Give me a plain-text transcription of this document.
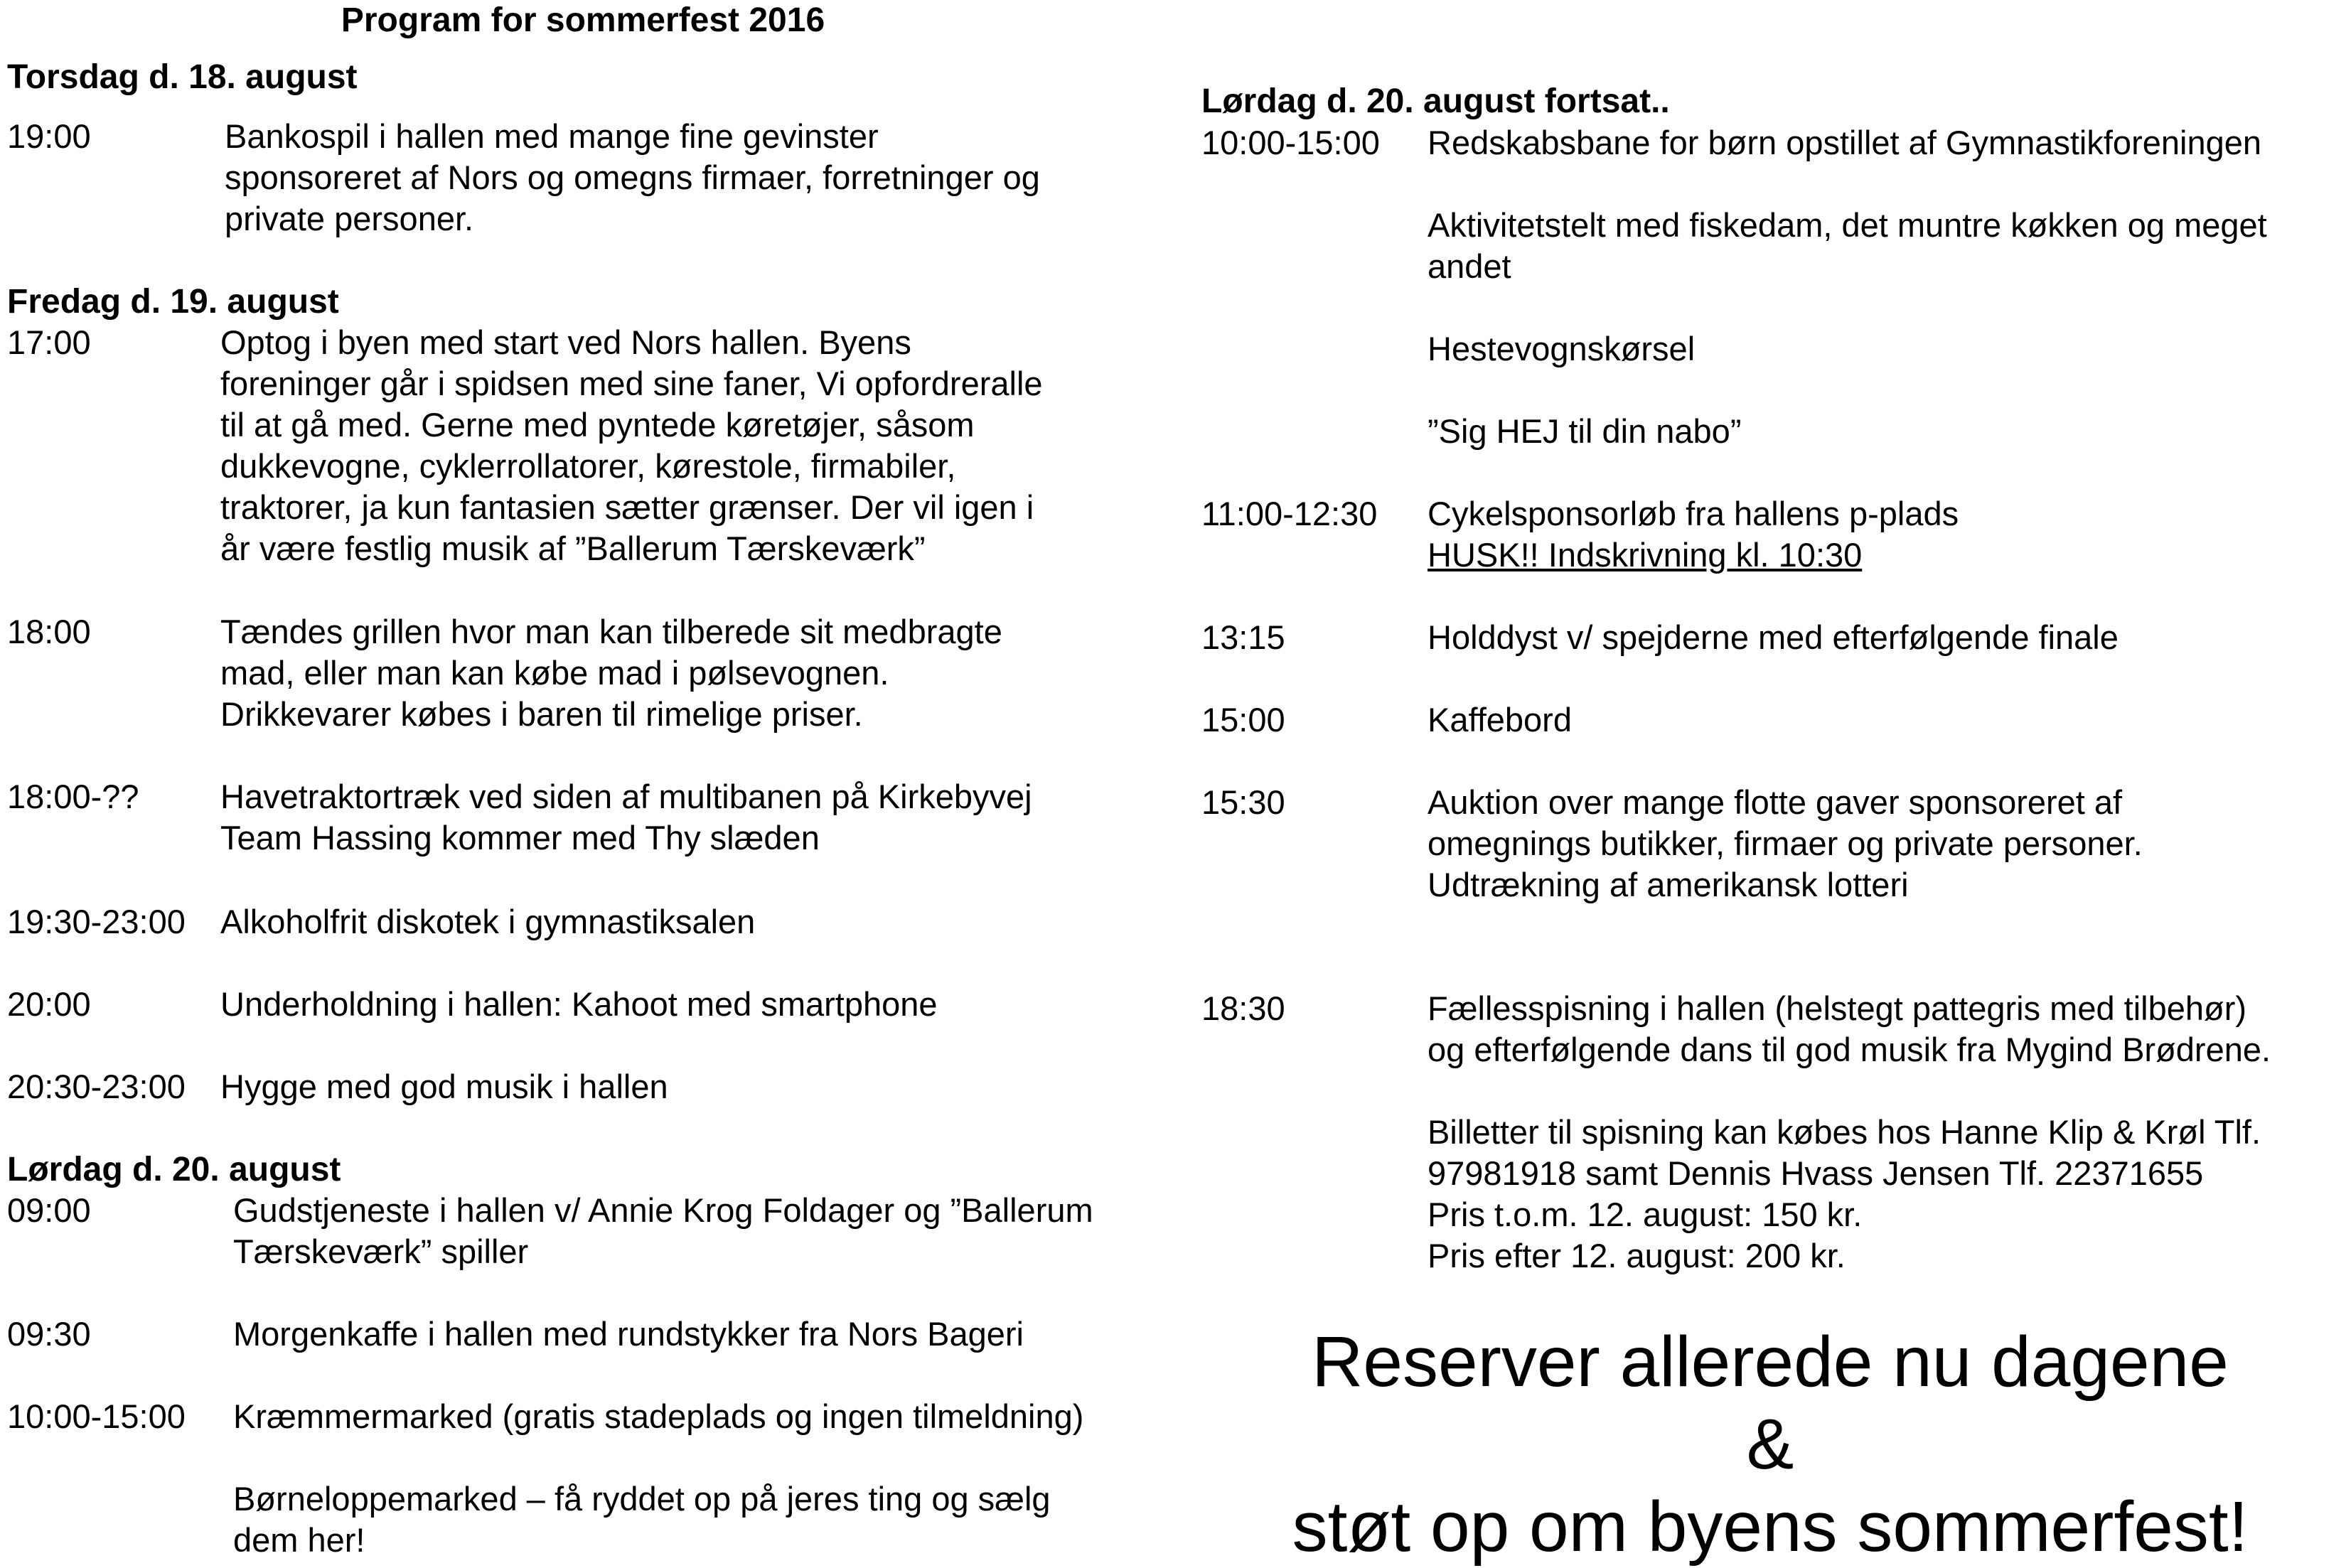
Program for sommerfest 2016
Torsdag d. 18. august
19:00	Bankospil i hallen med mange fine gevinster
sponsoreret af Nors og omegns firmaer, forretninger og
private personer.
Fredag d. 19. august
17:00	Optog i byen med start ved Nors hallen. Byens
foreninger går i spidsen med sine faner, Vi opfordreralle
til at gå med. Gerne med pyntede køretøjer, såsom
dukkevogne, cyklerrollatorer, kørestole, firmabiler,
traktorer, ja kun fantasien sætter grænser. Der vil igen i
år være festlig musik af ”Ballerum Tærskeværk”
18:00	Tændes grillen hvor man kan tilberede sit medbragte
mad, eller man kan købe mad i pølsevognen.
Drikkevarer købes i baren til rimelige priser.
18:00-?? Havetraktortræk ved siden af multibanen på Kirkebyvej
Team Hassing kommer med Thy slæden
19:30-23:00 Alkoholfrit diskotek i gymnastiksalen
20:00	Underholdning i hallen: Kahoot med smartphone
20:30-23:00 Hygge med god musik i hallen
Lørdag d. 20. august
09:00	Gudstjeneste i hallen v/ Annie Krog Foldager og ”Ballerum
Tærskeværk” spiller
09:30	Morgenkaffe i hallen med rundstykker fra Nors Bageri
10:00-15:00 Kræmmermarked (gratis stadeplads og ingen tilmeldning)
Børneloppemarked – få ryddet op på jeres ting og sælg
dem her!
Lørdag d. 20. august fortsat..
10:00-15:00 Redskabsbane for børn opstillet af Gymnastikforeningen
Aktivitetstelt med fiskedam, det muntre køkken og meget
andet
Hestevognskørsel
”Sig HEJ til din nabo”
11:00-12:30 Cykelsponsorløb fra hallens p-plads
HUSK!! Indskrivning kl. 10:30
13:15	Holddyst v/ spejderne med efterfølgende finale
15:00	Kaffebord
15:30	Auktion over mange flotte gaver sponsoreret af
omegnings butikker, firmaer og private personer.
Udtrækning af amerikansk lotteri
18:30	Fællesspisning i hallen (helstegt pattegris med tilbehør)
og efterfølgende dans til god musik fra Mygind Brødrene.
Billetter til spisning kan købes hos Hanne Klip & Krøl Tlf.
97981918 samt Dennis Hvass Jensen Tlf. 22371655
Pris t.o.m. 12. august: 150 kr.
Pris efter 12. august: 200 kr.
Reserver allerede nu dagene
&
støt op om byens sommerfest!
